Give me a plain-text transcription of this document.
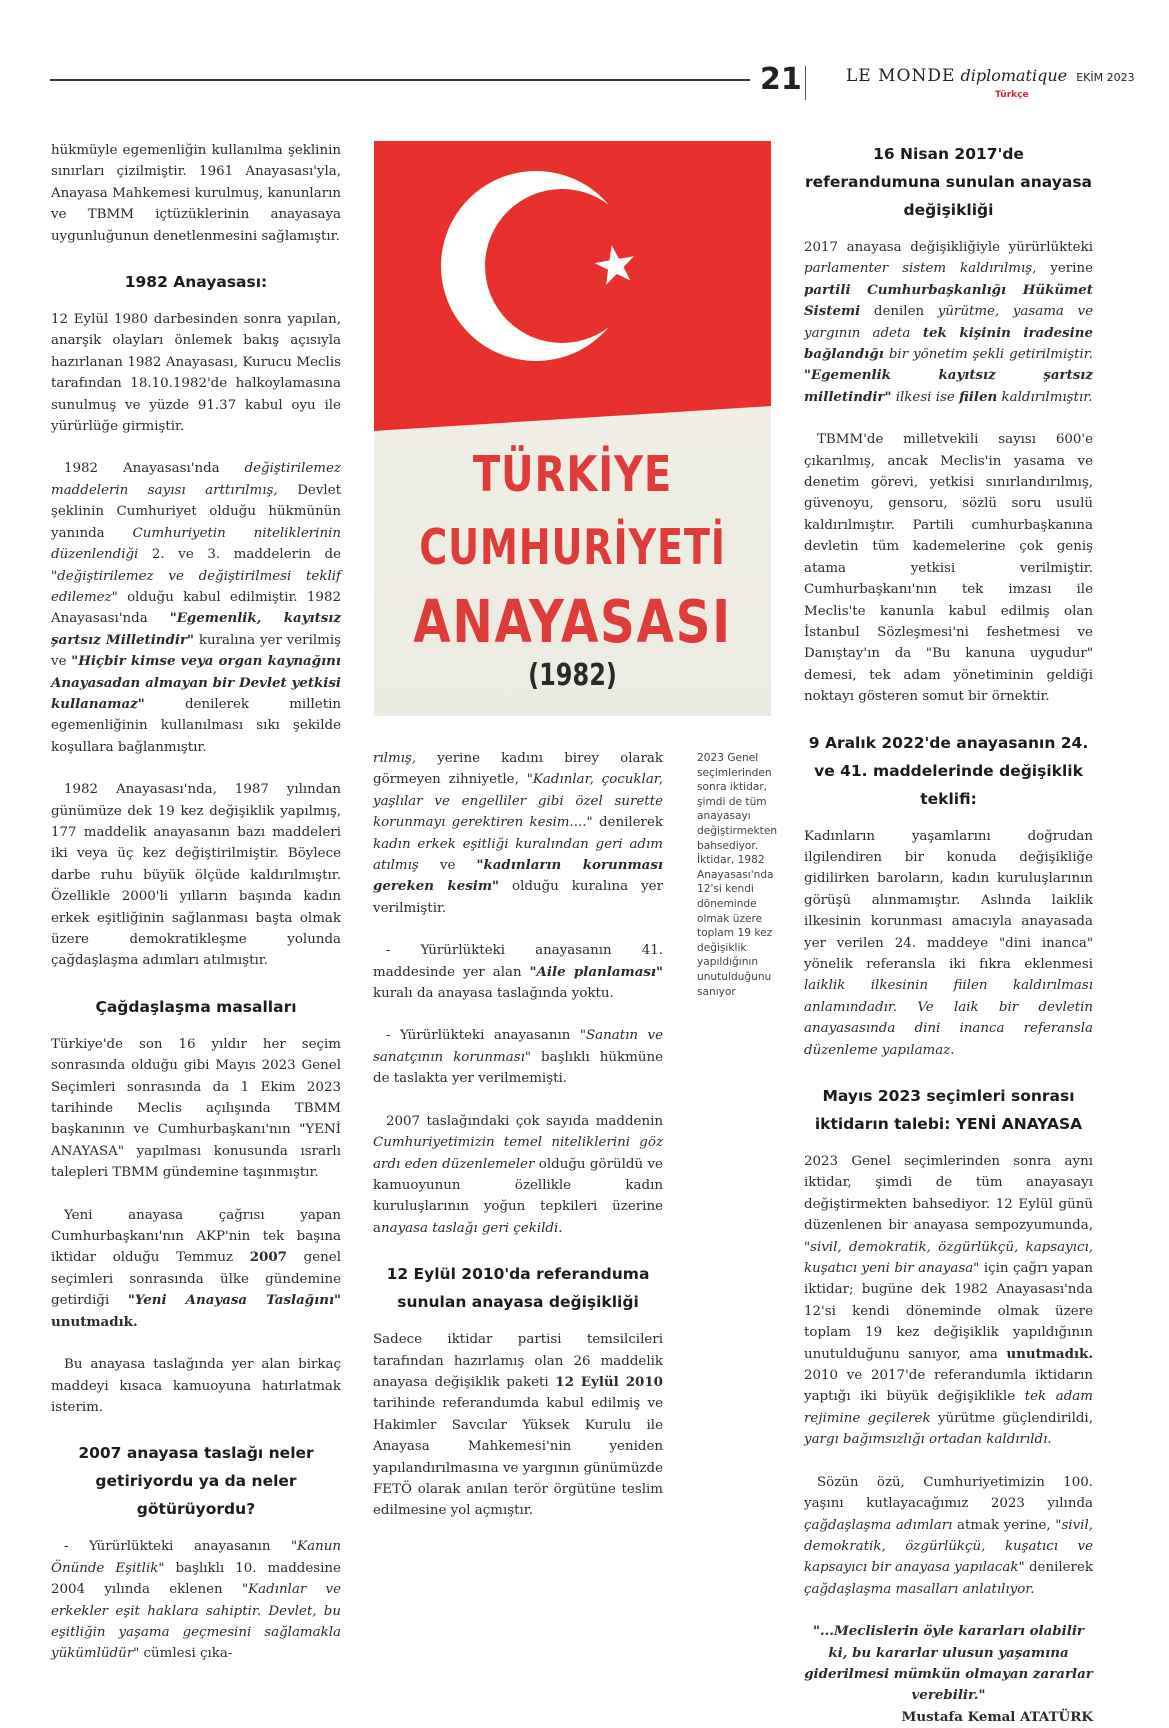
21	LE MONDE diplomatique EKİM 2023
Türkçe

hükmüyle egemenliğin kullanılma şeklinin sınırları çizilmiştir. 1961 Anayasası'yla, Anayasa Mahkemesi kurulmuş, kanunların ve TBMM içtüzüklerinin anayasaya uygunluğunun denetlenmesini sağlamıştır.

1982 Anayasası:

12 Eylül 1980 darbesinden sonra yapılan, anarşik olayları önlemek bakış açısıyla hazırlanan 1982 Anayasası, Kurucu Meclis tarafından 18.10.1982'de halkoylamasına sunulmuş ve yüzde 91.37 kabul oyu ile yürürlüğe girmiştir.

1982 Anayasası'nda değiştirilemez maddelerin sayısı arttırılmış, Devlet şeklinin Cumhuriyet olduğu hükmünün yanında Cumhuriyetin niteliklerinin düzenlendiği 2. ve 3. maddelerin de "değiştirilemez ve değiştirilmesi teklif edilemez" olduğu kabul edilmiştir. 1982 Anayasası'nda "Egemenlik, kayıtsız şartsız Milletindir" kuralına yer verilmiş ve "Hiçbir kimse veya organ kaynağını Anayasadan almayan bir Devlet yetkisi kullanamaz" denilerek milletin egemenliğinin kullanılması sıkı şekilde koşullara bağlanmıştır.

1982 Anayasası'nda, 1987 yılından günümüze dek 19 kez değişiklik yapılmış, 177 maddelik anayasanın bazı maddeleri iki veya üç kez değiştirilmiştir. Böylece darbe ruhu büyük ölçüde kaldırılmıştır. Özellikle 2000'li yılların başında kadın erkek eşitliğinin sağlanması başta olmak üzere demokratikleşme yolunda çağdaşlaşma adımları atılmıştır.

Çağdaşlaşma masalları

Türkiye'de son 16 yıldır her seçim sonrasında olduğu gibi Mayıs 2023 Genel Seçimleri sonrasında da 1 Ekim 2023 tarihinde Meclis açılışında TBMM başkanının ve Cumhurbaşkanı'nın "YENİ ANAYASA" yapılması konusunda ısrarlı talepleri TBMM gündemine taşınmıştır.

Yeni anayasa çağrısı yapan Cumhurbaşkanı'nın AKP'nin tek başına iktidar olduğu Temmuz 2007 genel seçimleri sonrasında ülke gündemine getirdiği "Yeni Anayasa Taslağını" unutmadık.

Bu anayasa taslağında yer alan birkaç maddeyi kısaca kamuoyuna hatırlatmak isterim.

2007 anayasa taslağı neler getiriyordu ya da neler götürüyordu?

- Yürürlükteki anayasanın "Kanun Önünde Eşitlik" başlıklı 10. maddesine 2004 yılında eklenen "Kadınlar ve erkekler eşit haklara sahiptir. Devlet, bu eşitliğin yaşama geçmesini sağlamakla yükümlüdür" cümlesi çıka-

TÜRKİYE
CUMHURİYETİ
ANAYASASI
(1982)
2023 Genel seçimlerinden sonra iktidar, şimdi de tüm anayasayı değiştirmekten bahsediyor. İktidar, 1982 Anayasası'nda 12'si kendi döneminde olmak üzere toplam 19 kez değişiklik yapıldığının unutulduğunu sanıyor

rılmış, yerine kadını birey olarak görmeyen zihniyetle, "Kadınlar, çocuklar, yaşlılar ve engelliler gibi özel surette korunmayı gerektiren kesim...." denilerek kadın erkek eşitliği kuralından geri adım atılmış ve "kadınların korunması gereken kesim" olduğu kuralına yer verilmiştir.

- Yürürlükteki anayasanın 41. maddesinde yer alan "Aile planlaması" kuralı da anayasa taslağında yoktu.

- Yürürlükteki anayasanın "Sanatın ve sanatçının korunması" başlıklı hükmüne de taslakta yer verilmemişti.

2007 taslağındaki çok sayıda maddenin Cumhuriyetimizin temel niteliklerini göz ardı eden düzenlemeler olduğu görüldü ve kamuoyunun özellikle kadın kuruluşlarının yoğun tepkileri üzerine anayasa taslağı geri çekildi.

12 Eylül 2010'da referanduma sunulan anayasa değişikliği

Sadece iktidar partisi temsilcileri tarafından hazırlamış olan 26 maddelik anayasa değişiklik paketi 12 Eylül 2010 tarihinde referandumda kabul edilmiş ve Hakimler Savcılar Yüksek Kurulu ile Anayasa Mahkemesi'nin yeniden yapılandırılmasına ve yargının günümüzde FETÖ olarak anılan terör örgütüne teslim edilmesine yol açmıştır.

16 Nisan 2017'de referandumuna sunulan anayasa değişikliği

2017 anayasa değişikliğiyle yürürlükteki parlamenter sistem kaldırılmış, yerine partili Cumhurbaşkanlığı Hükümet Sistemi denilen yürütme, yasama ve yargının adeta tek kişinin iradesine bağlandığı bir yönetim şekli getirilmiştir. "Egemenlik kayıtsız şartsız milletindir" ilkesi ise fiilen kaldırılmıştır.

TBMM'de milletvekili sayısı 600'e çıkarılmış, ancak Meclis'in yasama ve denetim görevi, yetkisi sınırlandırılmış, güvenoyu, gensoru, sözlü soru usulü kaldırılmıştır. Partili cumhurbaşkanına devletin tüm kademelerine çok geniş atama yetkisi verilmiştir. Cumhurbaşkanı'nın tek imzası ile Meclis'te kanunla kabul edilmiş olan İstanbul Sözleşmesi'ni feshetmesi ve Danıştay'ın da "Bu kanuna uygudur" demesi, tek adam yönetiminin geldiği noktayı gösteren somut bir örnektir.

9 Aralık 2022'de anayasanın 24. ve 41. maddelerinde değişiklik teklifi:

Kadınların yaşamlarını doğrudan ilgilendiren bir konuda değişikliğe gidilirken baroların, kadın kuruluşlarının görüşü alınmamıştır. Aslında laiklik ilkesinin korunması amacıyla anayasada yer verilen 24. maddeye "dini inanca" yönelik referansla iki fıkra eklenmesi laiklik ilkesinin fiilen kaldırılması anlamındadır. Ve laik bir devletin anayasasında dini inanca referansla düzenleme yapılamaz.

Mayıs 2023 seçimleri sonrası
iktidarın talebi: YENİ ANAYASA

2023 Genel seçimlerinden sonra aynı iktidar, şimdi de tüm anayasayı değiştirmekten bahsediyor. 12 Eylül günü düzenlenen bir anayasa sempozyumunda, "sivil, demokratik, özgürlükçü, kapsayıcı, kuşatıcı yeni bir anayasa" için çağrı yapan iktidar; bugüne dek 1982 Anayasası'nda 12'si kendi döneminde olmak üzere toplam 19 kez değişiklik yapıldığının unutulduğunu sanıyor, ama unutmadık. 2010 ve 2017'de referandumla iktidarın yaptığı iki büyük değişiklikle tek adam rejimine geçilerek yürütme güçlendirildi, yargı bağımsızlığı ortadan kaldırıldı.

Sözün özü, Cumhuriyetimizin 100. yaşını kutlayacağımız 2023 yılında çağdaşlaşma adımları atmak yerine, "sivil, demokratik, özgürlükçü, kuşatıcı ve kapsayıcı bir anayasa yapılacak" denilerek çağdaşlaşma masalları anlatılıyor.

"...Meclislerin öyle kararları olabilir ki, bu kararlar ulusun yaşamına giderilmesi mümkün olmayan zararlar verebilir."

Mustafa Kemal ATATÜRK
